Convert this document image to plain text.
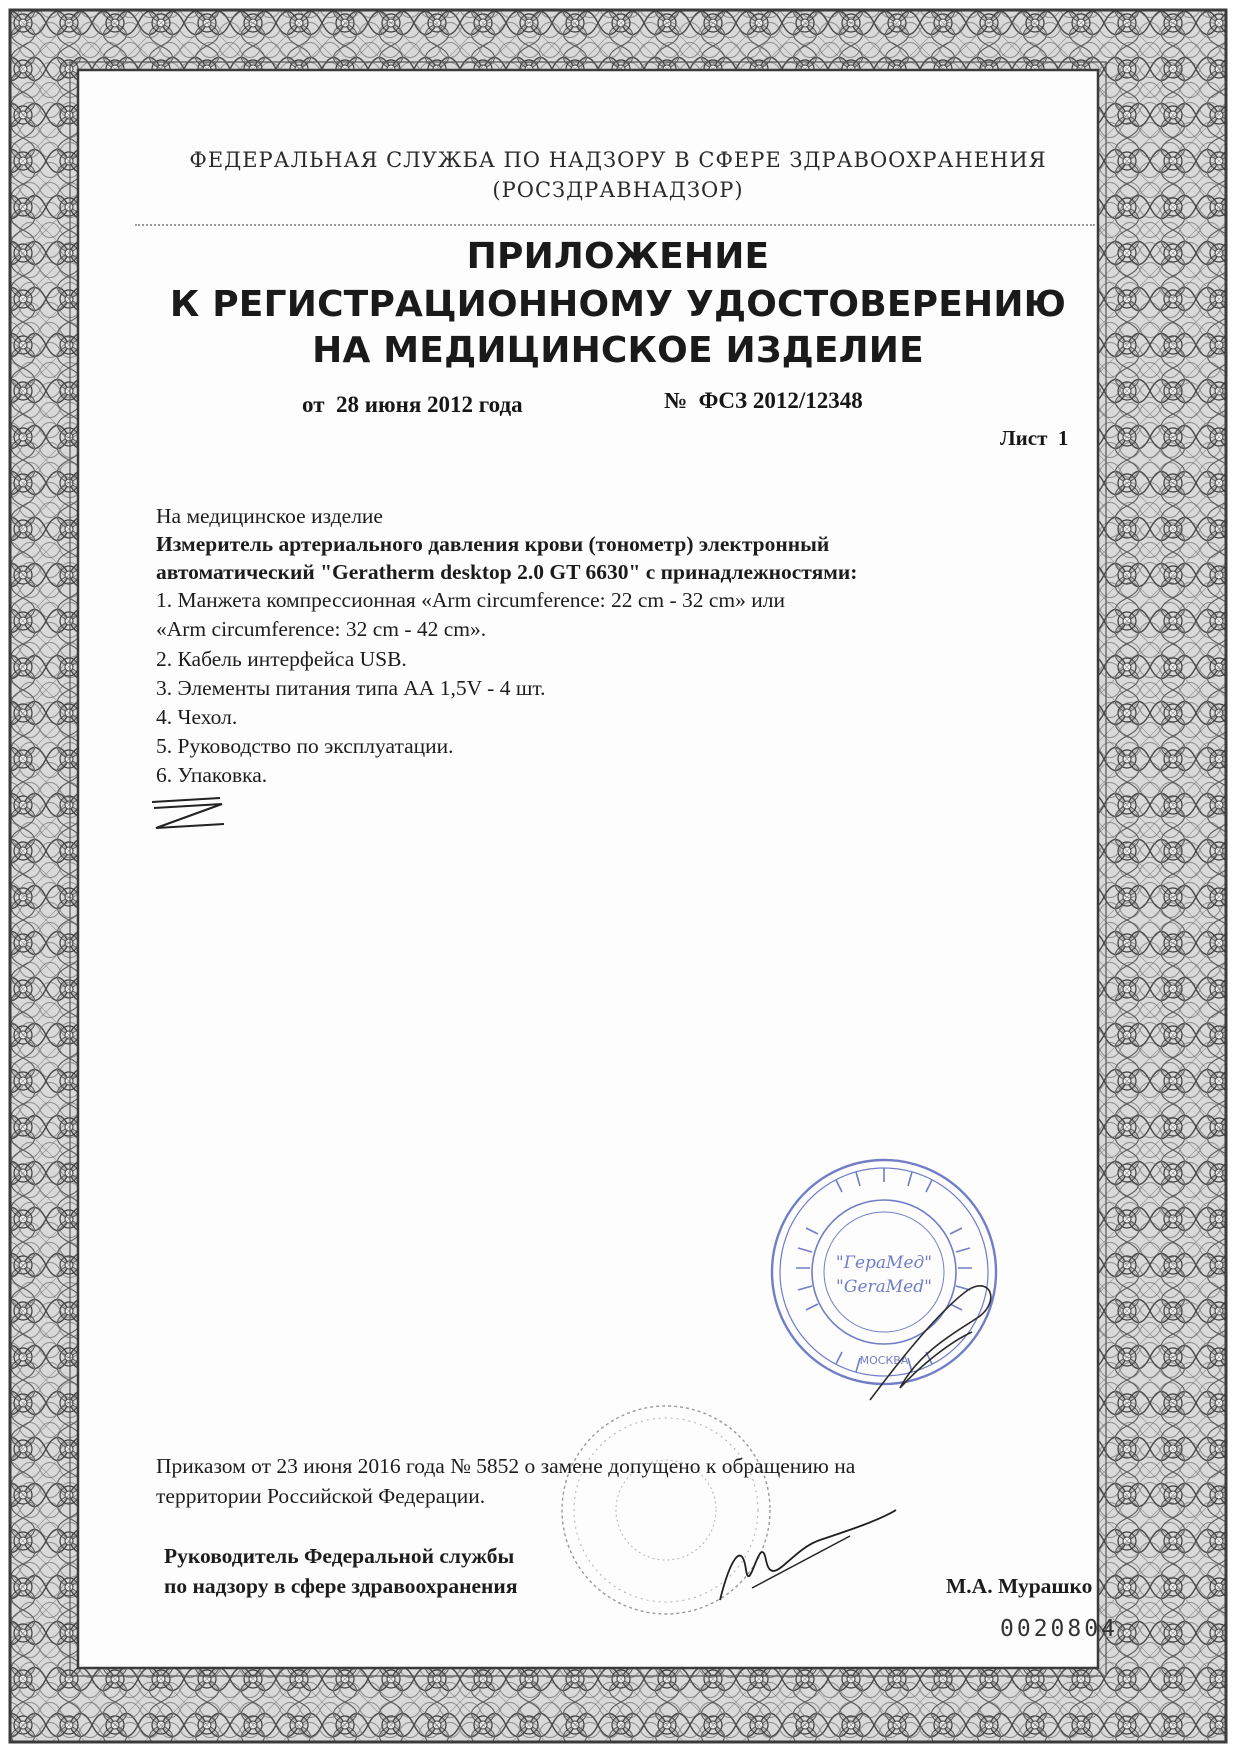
ФЕДЕРАЛЬНАЯ СЛУЖБА ПО НАДЗОРУ В СФЕРЕ ЗДРАВООХРАНЕНИЯ
(РОСЗДРАВНАДЗОР)
ПРИЛОЖЕНИЕ
К РЕГИСТРАЦИОННОМУ УДОСТОВЕРЕНИЮ
НА МЕДИЦИНСКОЕ ИЗДЕЛИЕ
от  28 июня 2012 года	№  ФСЗ 2012/12348
Лист  1
На медицинское изделие
Измеритель артериального давления крови (тонометр) электронный
автоматический "Geratherm desktop 2.0 GT 6630" с принадлежностями:
1. Манжета компрессионная «Arm circumference: 22 cm - 32 cm» или
«Arm circumference: 32 cm - 42 cm».
2. Кабель интерфейса USB.
3. Элементы питания типа АА 1,5V - 4 шт.
4. Чехол.
5. Руководство по эксплуатации.
6. Упаковка.
"ГераМед"
"GeraMed"
МОСКВА
Приказом от 23 июня 2016 года № 5852 о замене допущено к обращению на
территории Российской Федерации.
Руководитель Федеральной службы
по надзору в сфере здравоохранения	М.А. Мурашко
0020804
